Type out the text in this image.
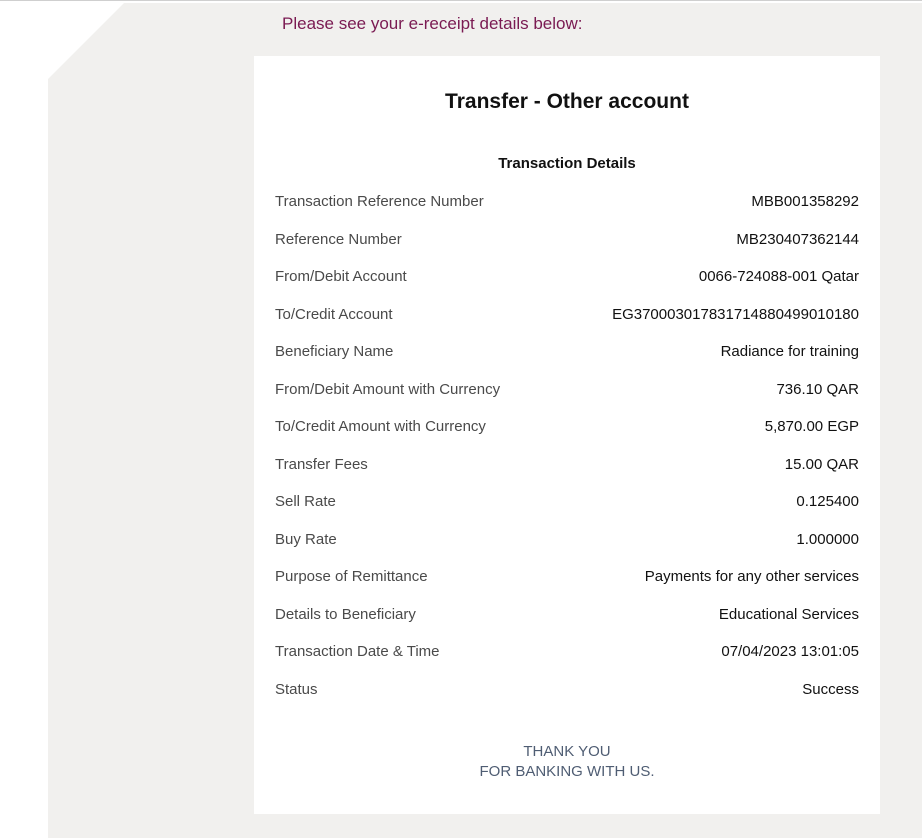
Please see your e-receipt details below:

Transfer - Other account
Transaction Details
Transaction Reference Number	MBB001358292
Reference Number	MB230407362144
From/Debit Account	0066-724088-001 Qatar
To/Credit Account	EG370003017831714880499010180
Beneficiary Name	Radiance for training
From/Debit Amount with Currency	736.10 QAR
To/Credit Amount with Currency	5,870.00 EGP
Transfer Fees	15.00 QAR
Sell Rate	0.125400
Buy Rate	1.000000
Purpose of Remittance	Payments for any other services
Details to Beneficiary	Educational Services
Transaction Date & Time	07/04/2023 13:01:05
Status	Success
THANK YOU
FOR BANKING WITH US.
